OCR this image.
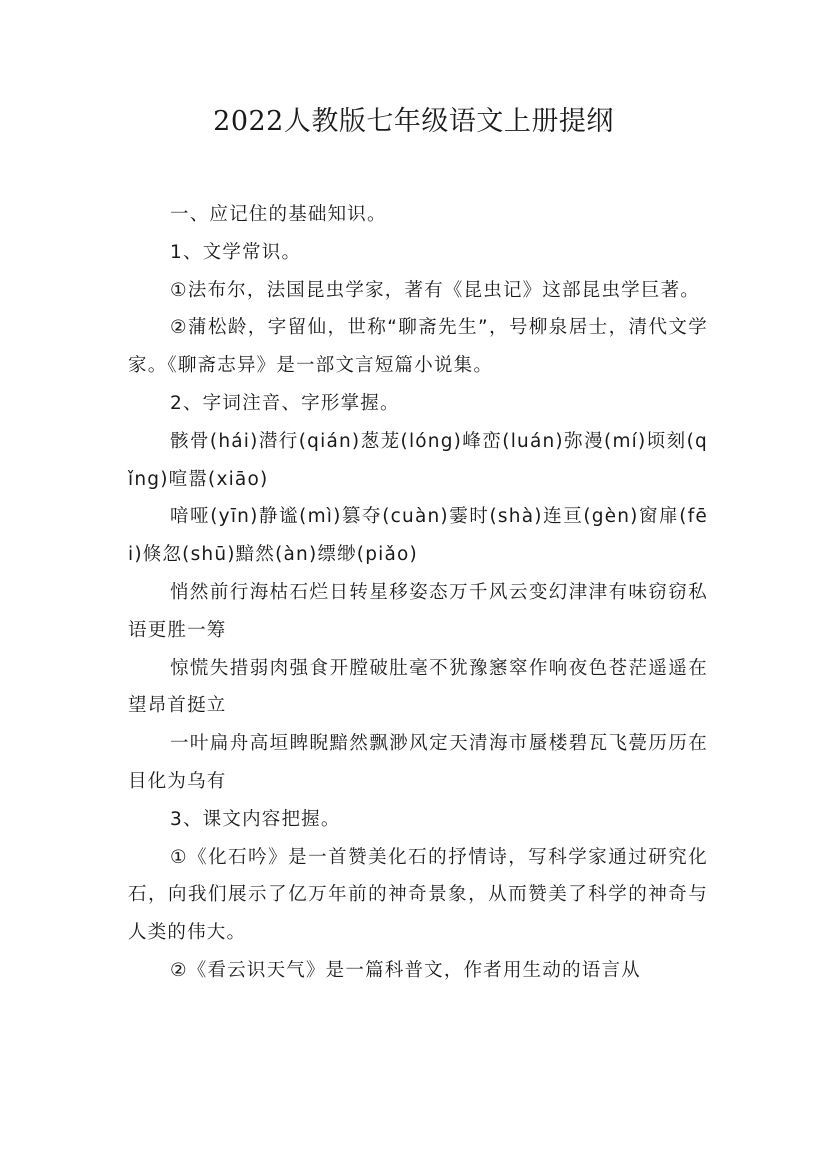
2022人教版七年级语文上册提纲

一、应记住的基础知识。

1、文学常识。

①法布尔，法国昆虫学家，著有《昆虫记》这部昆虫学巨著。

②蒲松龄，字留仙，世称“聊斋先生”，号柳泉居士，清代文学家。《聊斋志异》是一部文言短篇小说集。

2、字词注音、字形掌握。

骸骨(hái)潜行(qián)葱茏(lóng)峰峦(luán)弥漫(mí)顷刻(qǐng)喧嚣(xiāo)

喑哑(yīn)静谧(mì)篡夺(cuàn)霎时(shà)连亘(gèn)窗扉(fēi)倏忽(shū)黯然(àn)缥缈(piǎo)

悄然前行海枯石烂日转星移姿态万千风云变幻津津有味窃窃私语更胜一筹

惊慌失措弱肉强食开膛破肚毫不犹豫窸窣作响夜色苍茫遥遥在望昂首挺立

一叶扁舟高垣睥睨黯然飘渺风定天清海市蜃楼碧瓦飞甍历历在目化为乌有

3、课文内容把握。

①《化石吟》是一首赞美化石的抒情诗，写科学家通过研究化石，向我们展示了亿万年前的神奇景象，从而赞美了科学的神奇与人类的伟大。

②《看云识天气》是一篇科普文，作者用生动的语言从
